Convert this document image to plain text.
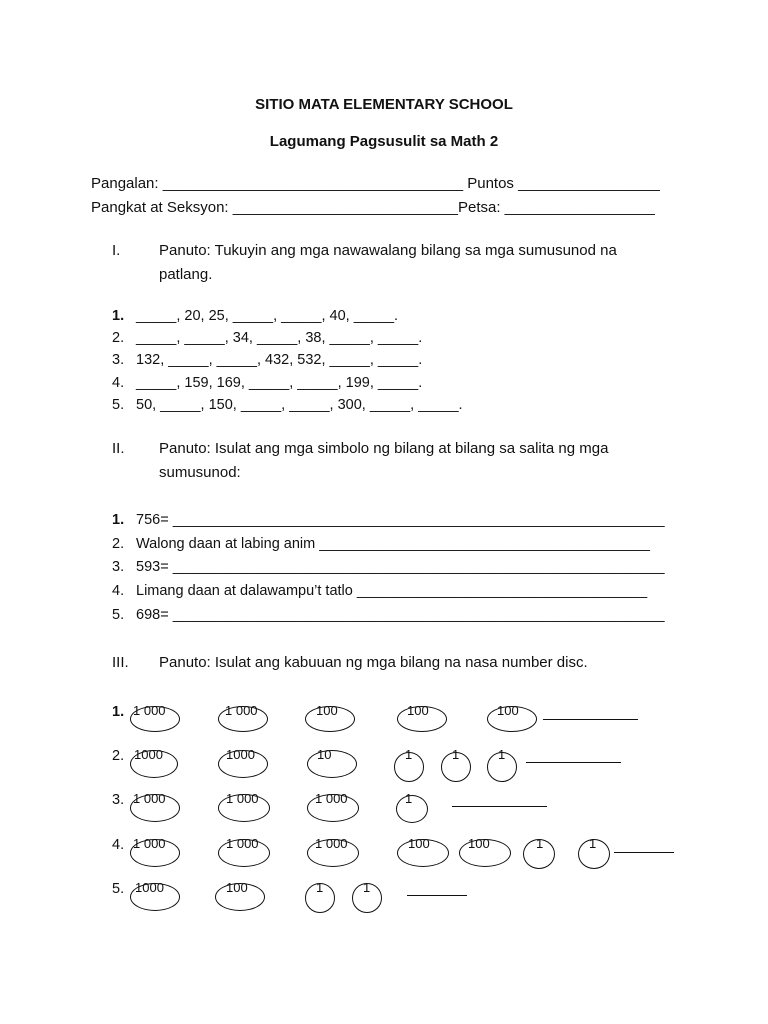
SITIO MATA ELEMENTARY SCHOOL
Lagumang Pagsusulit sa Math 2
Pangalan: ____________________________________ Puntos _________________
Pangkat at Seksyon: ___________________________Petsa: __________________
I.	Panuto: Tukuyin ang mga nawawalang bilang sa mga sumusunod na patlang.
1. _____, 20, 25, _____, _____, 40, _____.
2. _____, _____, 34, _____, 38, _____, _____.
3. 132, _____, _____, 432, 532, _____, _____.
4. _____, 159, 169, _____, _____, 199, _____.
5. 50, _____, 150, _____, _____, 300, _____, _____.
II. Panuto: Isulat ang mga simbolo ng bilang at bilang sa salita ng mga sumusunod:
1. 756= _____________________________________________________________
2. Walong daan at labing anim _________________________________________
3. 593= _____________________________________________________________
4. Limang daan at dalawampu’t tatlo ____________________________________
5. 698= _____________________________________________________________
III. Panuto: Isulat ang kabuuan ng mga bilang na nasa number disc.
1. 1 000	1 000	100	100	100
2. 1000	1000	10	1	1	1
3. 1 000	1 000	1 000	1
4. 1 000	1 000	1 000	100	100	1	1
5. 1000	100	1	1
